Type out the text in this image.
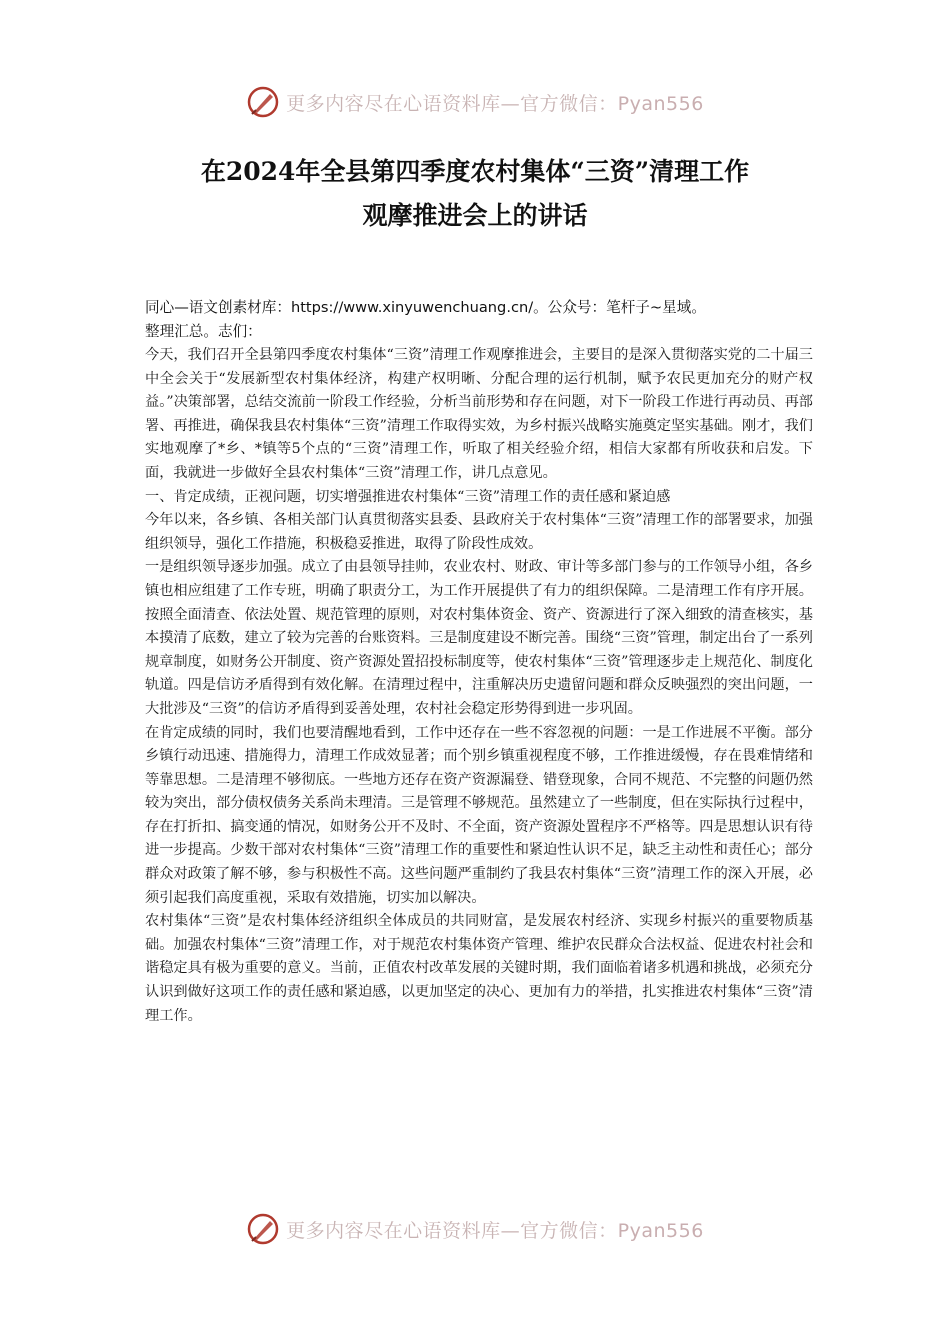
更多内容尽在心语资料库—官方微信：Pyan556
在2024年全县第四季度农村集体“三资”清理工作
观摩推进会上的讲话
同心—语文创素材库：https://www.xinyuwenchuang.cn/。公众号：笔杆子~星域。
整理汇总。志们：

今天，我们召开全县第四季度农村集体“三资”清理工作观摩推进会，主要目的是深入贯彻落实党的二十届三中全会关于“发展新型农村集体经济，构建产权明晰、分配合理的运行机制，赋予农民更加充分的财产权益。”决策部署，总结交流前一阶段工作经验，分析当前形势和存在问题，对下一阶段工作进行再动员、再部署、再推进，确保我县农村集体“三资”清理工作取得实效，为乡村振兴战略实施奠定坚实基础。刚才，我们实地观摩了*乡、*镇等5个点的“三资”清理工作，听取了相关经验介绍，相信大家都有所收获和启发。下面，我就进一步做好全县农村集体“三资”清理工作，讲几点意见。

一、肯定成绩，正视问题，切实增强推进农村集体“三资”清理工作的责任感和紧迫感

今年以来，各乡镇、各相关部门认真贯彻落实县委、县政府关于农村集体“三资”清理工作的部署要求，加强组织领导，强化工作措施，积极稳妥推进，取得了阶段性成效。

一是组织领导逐步加强。成立了由县领导挂帅，农业农村、财政、审计等多部门参与的工作领导小组，各乡镇也相应组建了工作专班，明确了职责分工，为工作开展提供了有力的组织保障。二是清理工作有序开展。按照全面清查、依法处置、规范管理的原则，对农村集体资金、资产、资源进行了深入细致的清查核实，基本摸清了底数，建立了较为完善的台账资料。三是制度建设不断完善。围绕“三资”管理，制定出台了一系列规章制度，如财务公开制度、资产资源处置招投标制度等，使农村集体“三资”管理逐步走上规范化、制度化轨道。四是信访矛盾得到有效化解。在清理过程中，注重解决历史遗留问题和群众反映强烈的突出问题，一大批涉及“三资”的信访矛盾得到妥善处理，农村社会稳定形势得到进一步巩固。

在肯定成绩的同时，我们也要清醒地看到，工作中还存在一些不容忽视的问题：一是工作进展不平衡。部分乡镇行动迅速、措施得力，清理工作成效显著；而个别乡镇重视程度不够，工作推进缓慢，存在畏难情绪和等靠思想。二是清理不够彻底。一些地方还存在资产资源漏登、错登现象，合同不规范、不完整的问题仍然较为突出，部分债权债务关系尚未理清。三是管理不够规范。虽然建立了一些制度，但在实际执行过程中，存在打折扣、搞变通的情况，如财务公开不及时、不全面，资产资源处置程序不严格等。四是思想认识有待进一步提高。少数干部对农村集体“三资”清理工作的重要性和紧迫性认识不足，缺乏主动性和责任心；部分群众对政策了解不够，参与积极性不高。这些问题严重制约了我县农村集体“三资”清理工作的深入开展，必须引起我们高度重视，采取有效措施，切实加以解决。

农村集体“三资”是农村集体经济组织全体成员的共同财富，是发展农村经济、实现乡村振兴的重要物质基础。加强农村集体“三资”清理工作，对于规范农村集体资产管理、维护农民群众合法权益、促进农村社会和谐稳定具有极为重要的意义。当前，正值农村改革发展的关键时期，我们面临着诸多机遇和挑战，必须充分认识到做好这项工作的责任感和紧迫感，以更加坚定的决心、更加有力的举措，扎实推进农村集体“三资”清理工作。

更多内容尽在心语资料库—官方微信：Pyan556
